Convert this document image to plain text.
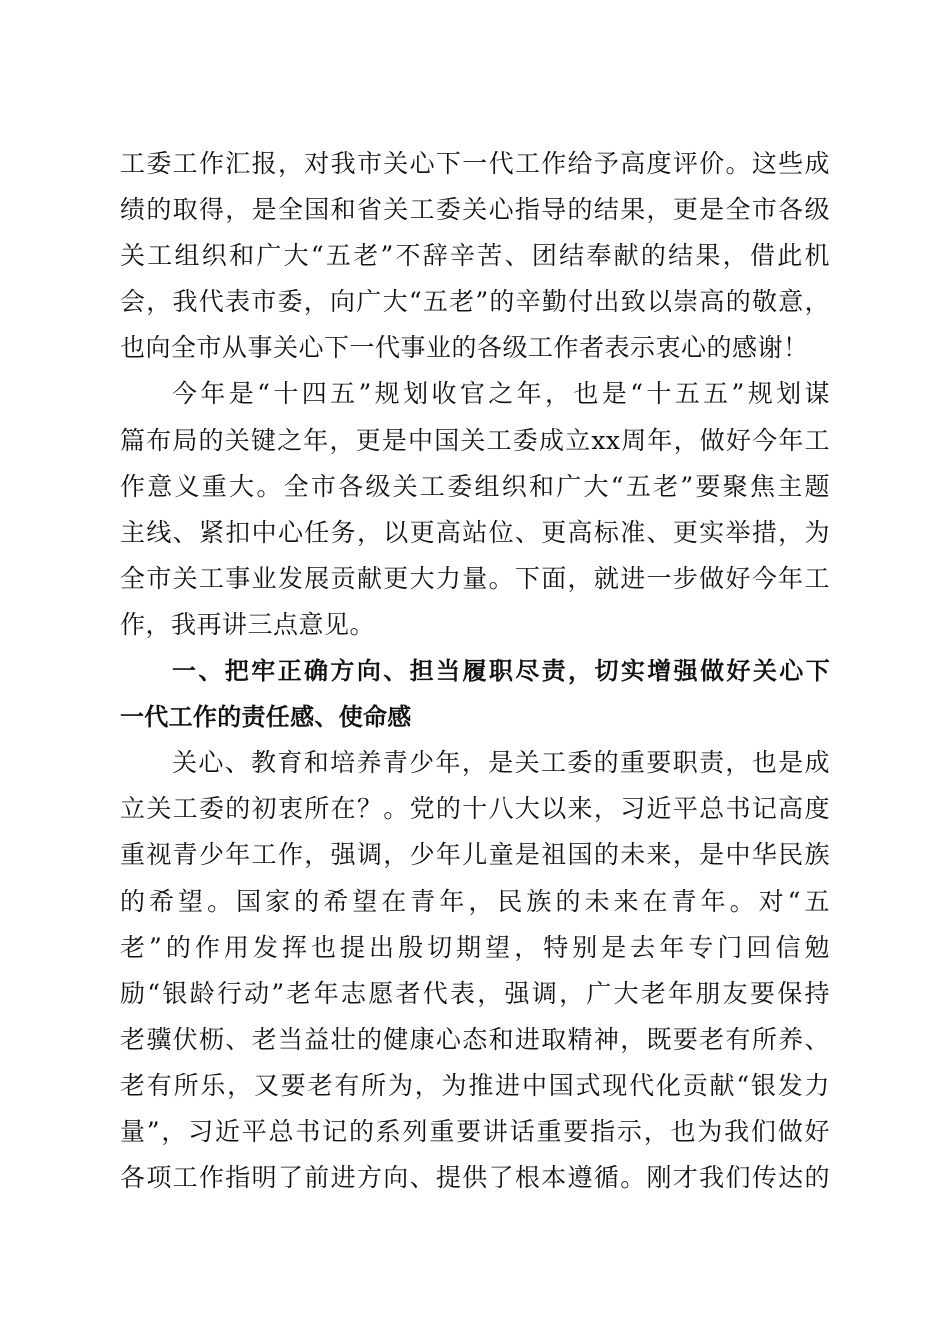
工委工作汇报，对我市关心下一代工作给予高度评价。这些成
绩的取得，是全国和省关工委关心指导的结果，更是全市各级
关工组织和广大“五老”不辞辛苦、团结奉献的结果，借此机
会，我代表市委，向广大“五老”的辛勤付出致以崇高的敬意，
也向全市从事关心下一代事业的各级工作者表示衷心的感谢！
今年是“十四五”规划收官之年，也是“十五五”规划谋
篇布局的关键之年，更是中国关工委成立xx周年，做好今年工
作意义重大。全市各级关工委组织和广大“五老”要聚焦主题
主线、紧扣中心任务，以更高站位、更高标准、更实举措，为
全市关工事业发展贡献更大力量。下面，就进一步做好今年工
作，我再讲三点意见。
一、把牢正确方向、担当履职尽责，切实增强做好关心下
一代工作的责任感、使命感
关心、教育和培养青少年，是关工委的重要职责，也是成
立关工委的初衷所在？。党的十八大以来，习近平总书记高度
重视青少年工作，强调，少年儿童是祖国的未来，是中华民族
的希望。国家的希望在青年，民族的未来在青年。对“五
老”的作用发挥也提出殷切期望，特别是去年专门回信勉
励“银龄行动”老年志愿者代表，强调，广大老年朋友要保持
老骥伏枥、老当益壮的健康心态和进取精神，既要老有所养、
老有所乐，又要老有所为，为推进中国式现代化贡献“银发力
量”，习近平总书记的系列重要讲话重要指示，也为我们做好
各项工作指明了前进方向、提供了根本遵循。刚才我们传达的
